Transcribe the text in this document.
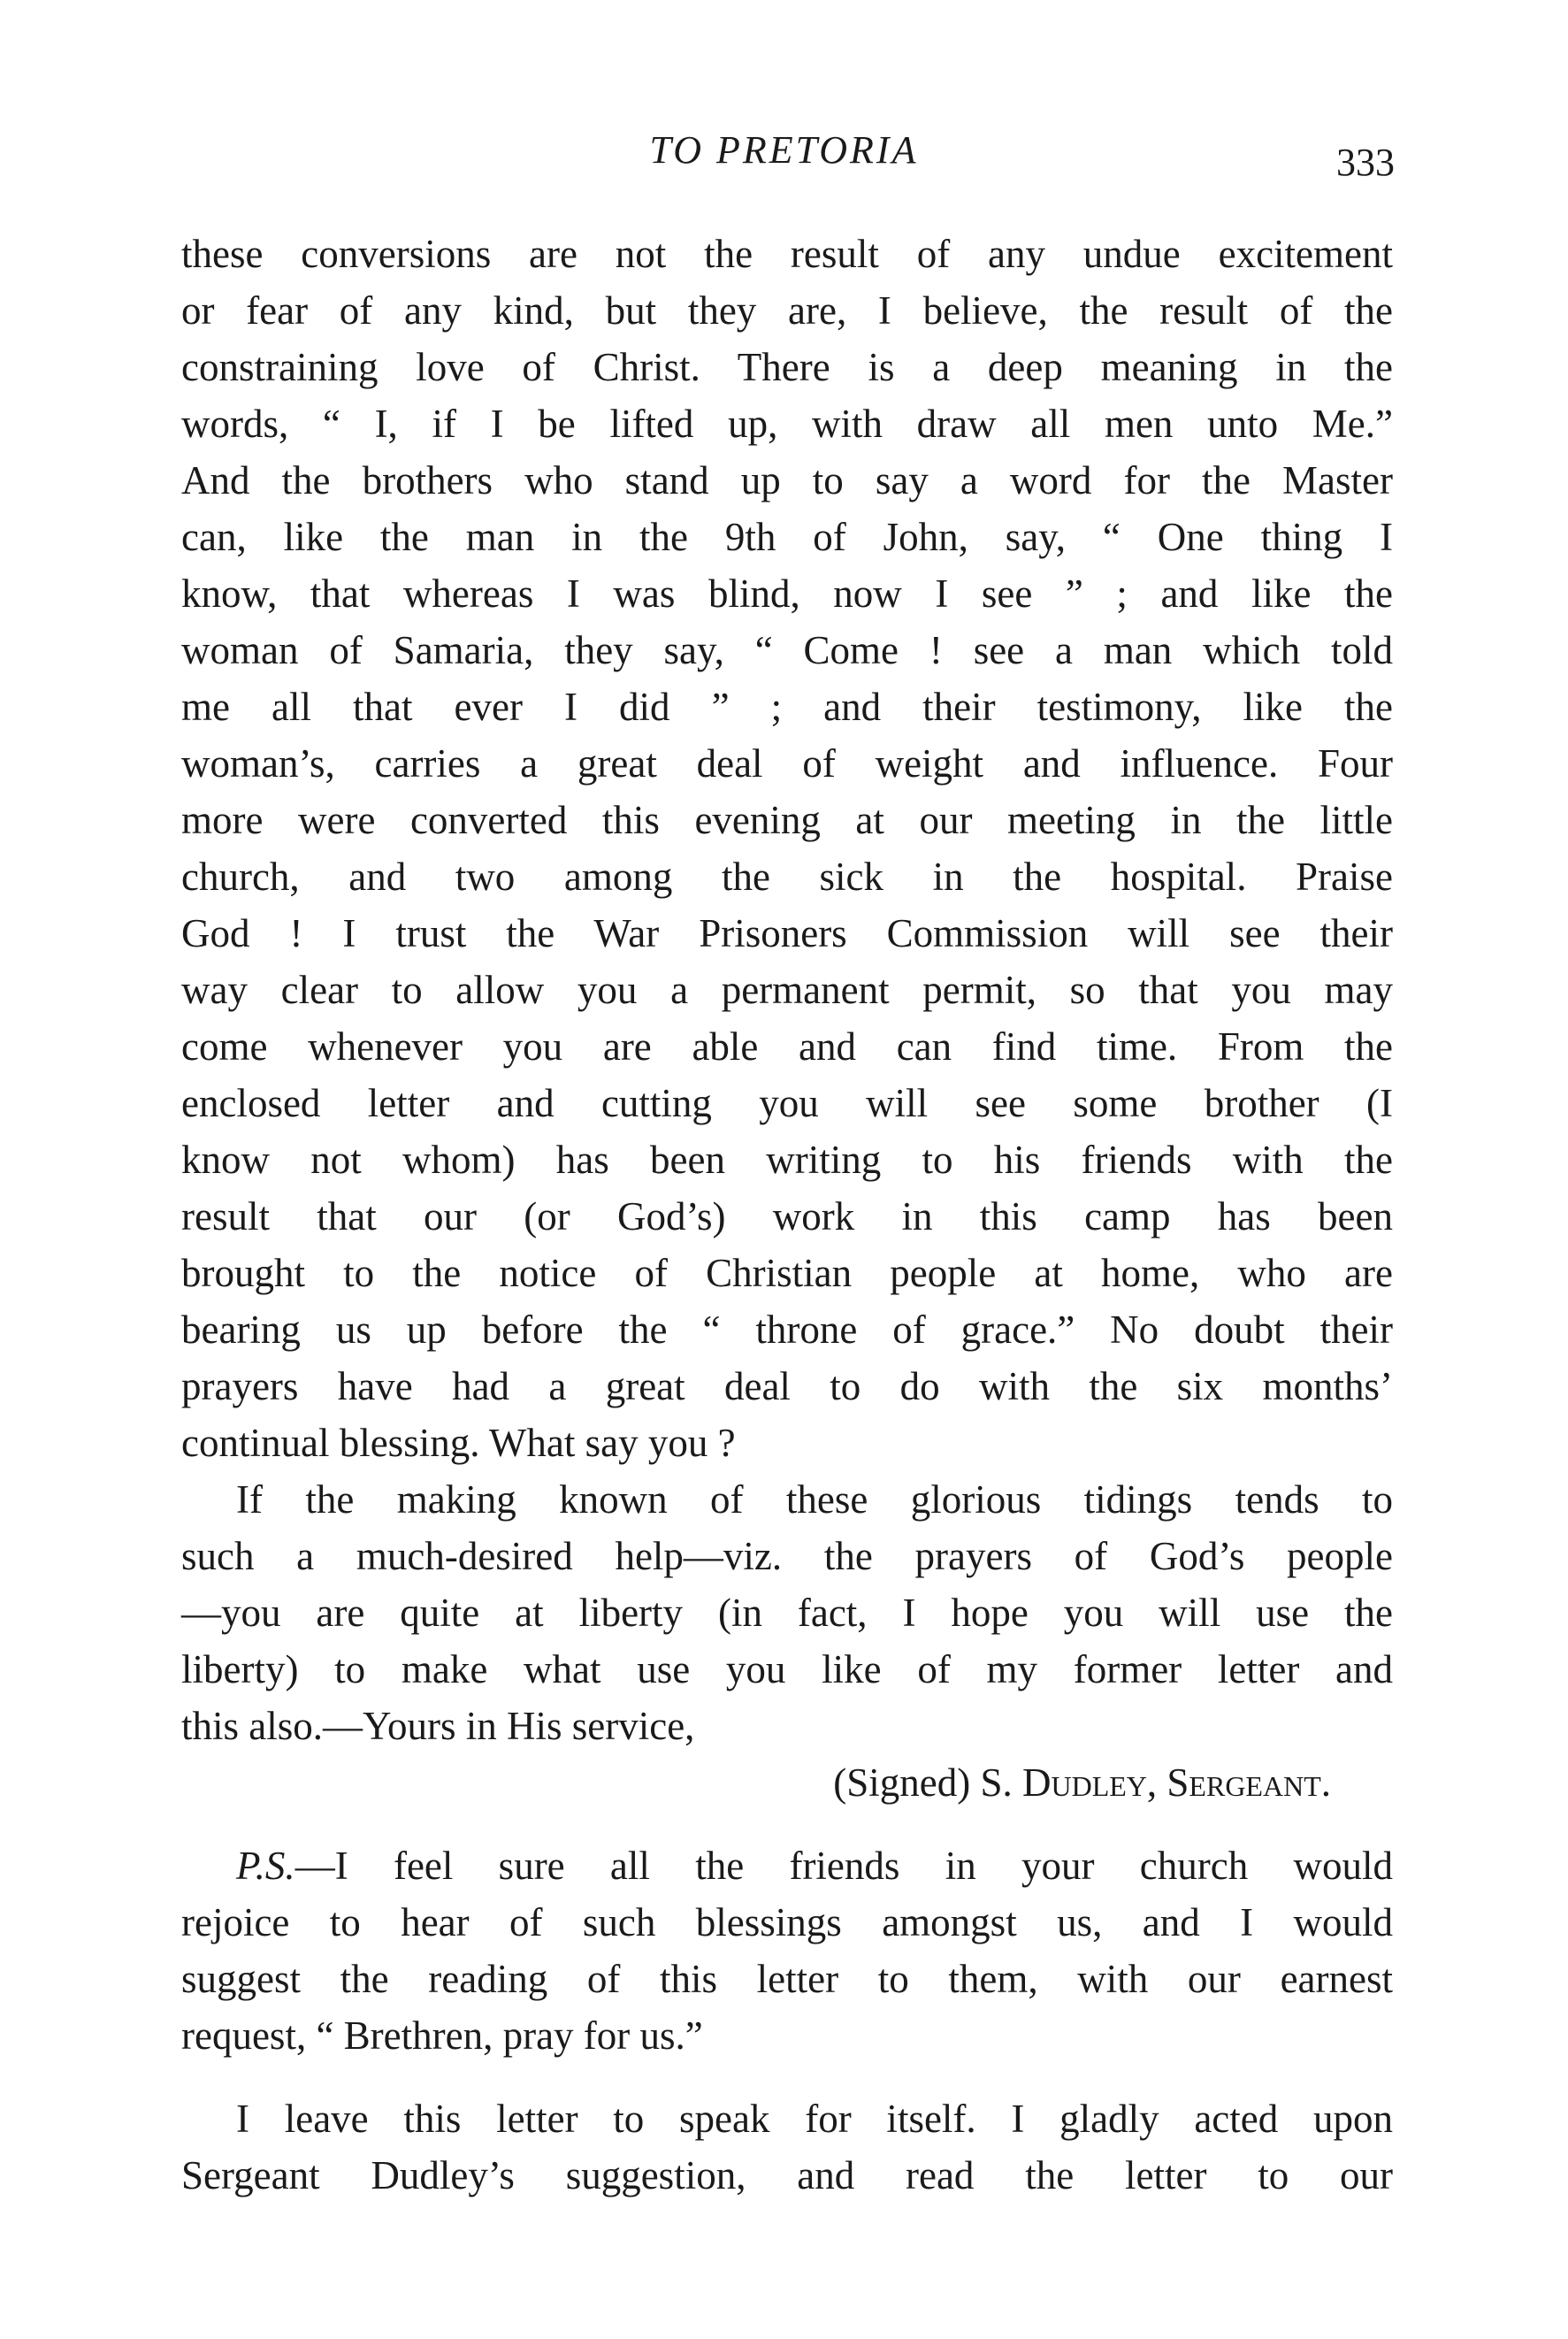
TO PRETORIA	333
these conversions are not the result of any undue excitement
or fear of any kind, but they are, I believe, the result of the
constraining love of Christ. There is a deep meaning in the
words, “ I, if I be lifted up, with draw all men unto Me.”
And the brothers who stand up to say a word for the Master
can, like the man in the 9th of John, say, “ One thing I
know, that whereas I was blind, now I see ” ; and like the
woman of Samaria, they say, “ Come ! see a man which told
me all that ever I did ” ; and their testimony, like the
woman’s, carries a great deal of weight and influence. Four
more were converted this evening at our meeting in the little
church, and two among the sick in the hospital. Praise
God ! I trust the War Prisoners Commission will see their
way clear to allow you a permanent permit, so that you may
come whenever you are able and can find time. From the
enclosed letter and cutting you will see some brother (I
know not whom) has been writing to his friends with the
result that our (or God’s) work in this camp has been
brought to the notice of Christian people at home, who are
bearing us up before the “ throne of grace.” No doubt their
prayers have had a great deal to do with the six months’
continual blessing. What say you ?
If the making known of these glorious tidings tends to
such a much-desired help—viz. the prayers of God’s people
—you are quite at liberty (in fact, I hope you will use the
liberty) to make what use you like of my former letter and
this also.—Yours in His service,
(Signed) S. Dudley, Sergeant.
P.S.—I feel sure all the friends in your church would
rejoice to hear of such blessings amongst us, and I would
suggest the reading of this letter to them, with our earnest
request, “ Brethren, pray for us.”
I leave this letter to speak for itself. I gladly acted upon
Sergeant Dudley’s suggestion, and read the letter to our
